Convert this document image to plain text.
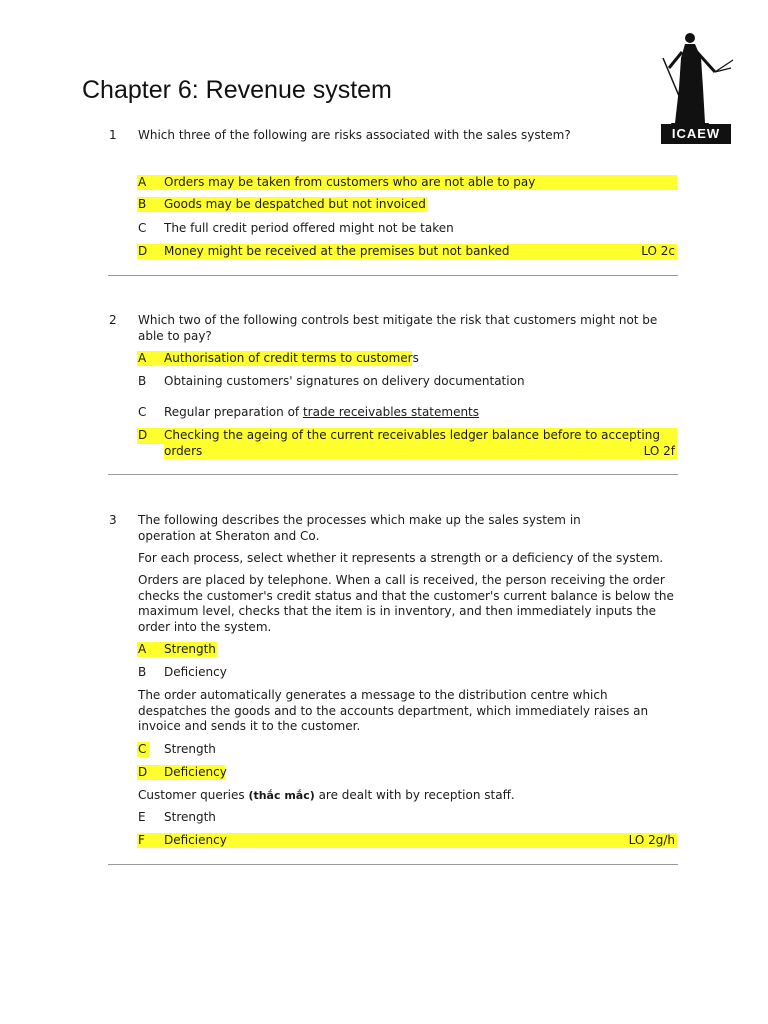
Chapter 6: Revenue system
ICAEW
1 Which three of the following are risks associated with the sales system?
A Orders may be taken from customers who are not able to pay
B Goods may be despatched but not invoiced
C The full credit period offered might not be taken
D Money might be received at the premises but not banked	LO 2c
2 Which two of the following controls best mitigate the risk that customers might not be able to pay?
A Authorisation of credit terms to customers
B Obtaining customers' signatures on delivery documentation
C Regular preparation of trade receivables statements
D Checking the ageing of the current receivables ledger balance before to accepting
orders	LO 2f
3 The following describes the processes which make up the sales system in operation at Sheraton and Co.
For each process, select whether it represents a strength or a deficiency of the system.
Orders are placed by telephone. When a call is received, the person receiving the order checks the customer's credit status and that the customer's current balance is below the maximum level, checks that the item is in inventory, and then immediately inputs the order into the system.
A Strength
B Deficiency
The order automatically generates a message to the distribution centre which despatches the goods and to the accounts department, which immediately raises an invoice and sends it to the customer.
C Strength
D Deficiency
Customer queries (thắc mắc) are dealt with by reception staff.
E Strength
F Deficiency	LO 2g/h
